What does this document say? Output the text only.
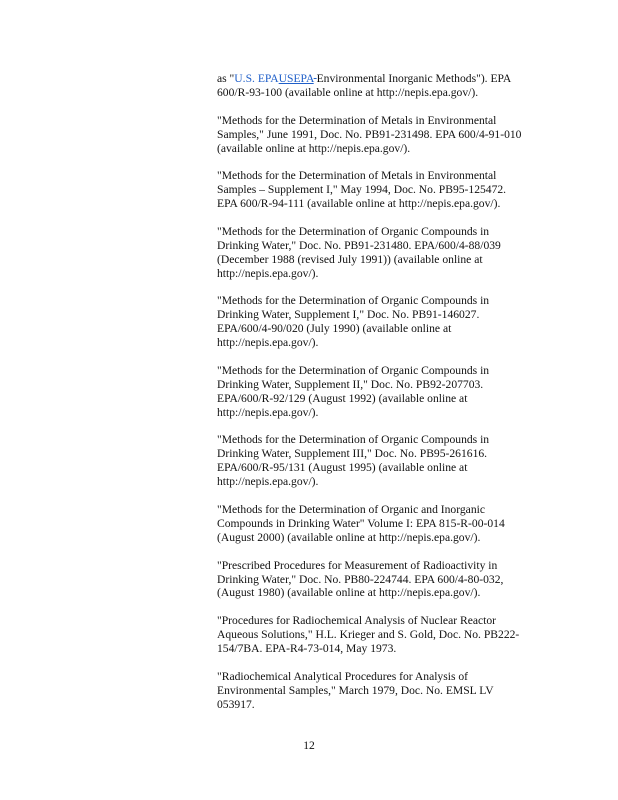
as "U.S. EPAUSEPA Environmental Inorganic Methods"). EPA
600/R-93-100 (available online at http://nepis.epa.gov/).

"Methods for the Determination of Metals in Environmental
Samples," June 1991, Doc. No. PB91-231498. EPA 600/4-91-010
(available online at http://nepis.epa.gov/).

"Methods for the Determination of Metals in Environmental
Samples – Supplement I," May 1994, Doc. No. PB95-125472.
EPA 600/R-94-111 (available online at http://nepis.epa.gov/).

"Methods for the Determination of Organic Compounds in
Drinking Water," Doc. No. PB91-231480. EPA/600/4-88/039
(December 1988 (revised July 1991)) (available online at
http://nepis.epa.gov/).

"Methods for the Determination of Organic Compounds in
Drinking Water, Supplement I," Doc. No. PB91-146027.
EPA/600/4-90/020 (July 1990) (available online at
http://nepis.epa.gov/).

"Methods for the Determination of Organic Compounds in
Drinking Water, Supplement II," Doc. No. PB92-207703.
EPA/600/R-92/129 (August 1992) (available online at
http://nepis.epa.gov/).

"Methods for the Determination of Organic Compounds in
Drinking Water, Supplement III," Doc. No. PB95-261616.
EPA/600/R-95/131 (August 1995) (available online at
http://nepis.epa.gov/).

"Methods for the Determination of Organic and Inorganic
Compounds in Drinking Water" Volume I: EPA 815-R-00-014
(August 2000) (available online at http://nepis.epa.gov/).

"Prescribed Procedures for Measurement of Radioactivity in
Drinking Water," Doc. No. PB80-224744. EPA 600/4-80-032,
(August 1980) (available online at http://nepis.epa.gov/).

"Procedures for Radiochemical Analysis of Nuclear Reactor
Aqueous Solutions," H.L. Krieger and S. Gold, Doc. No. PB222-
154/7BA. EPA-R4-73-014, May 1973.

"Radiochemical Analytical Procedures for Analysis of
Environmental Samples," March 1979, Doc. No. EMSL LV
053917.

12
